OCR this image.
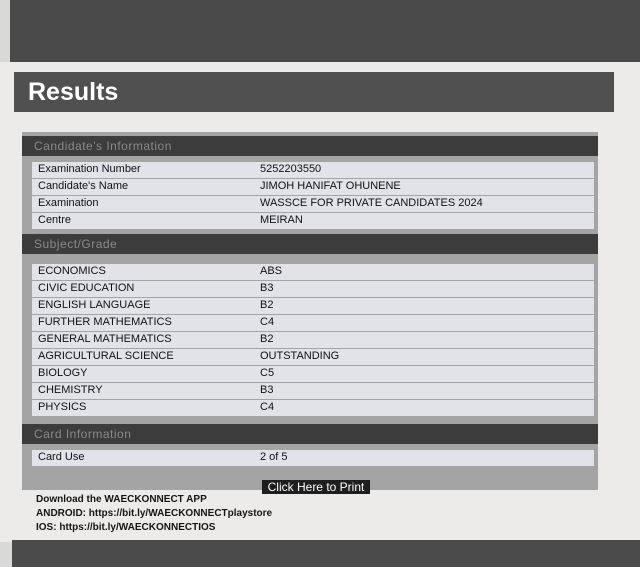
Results
Candidate's Information
Examination Number	5252203550
Candidate's Name	JIMOH HANIFAT OHUNENE
Examination	WASSCE FOR PRIVATE CANDIDATES 2024
Centre	MEIRAN
Subject/Grade
ECONOMICS	ABS
CIVIC EDUCATION	B3
ENGLISH LANGUAGE	B2
FURTHER MATHEMATICS	C4
GENERAL MATHEMATICS	B2
AGRICULTURAL SCIENCE	OUTSTANDING
BIOLOGY	C5
CHEMISTRY	B3
PHYSICS	C4
Card Information
Card Use	2 of 5
Click Here to Print
Download the WAECKONNECT APP
ANDROID: https://bit.ly/WAECKONNECTplaystore
IOS: https://bit.ly/WAECKONNECTIOS
